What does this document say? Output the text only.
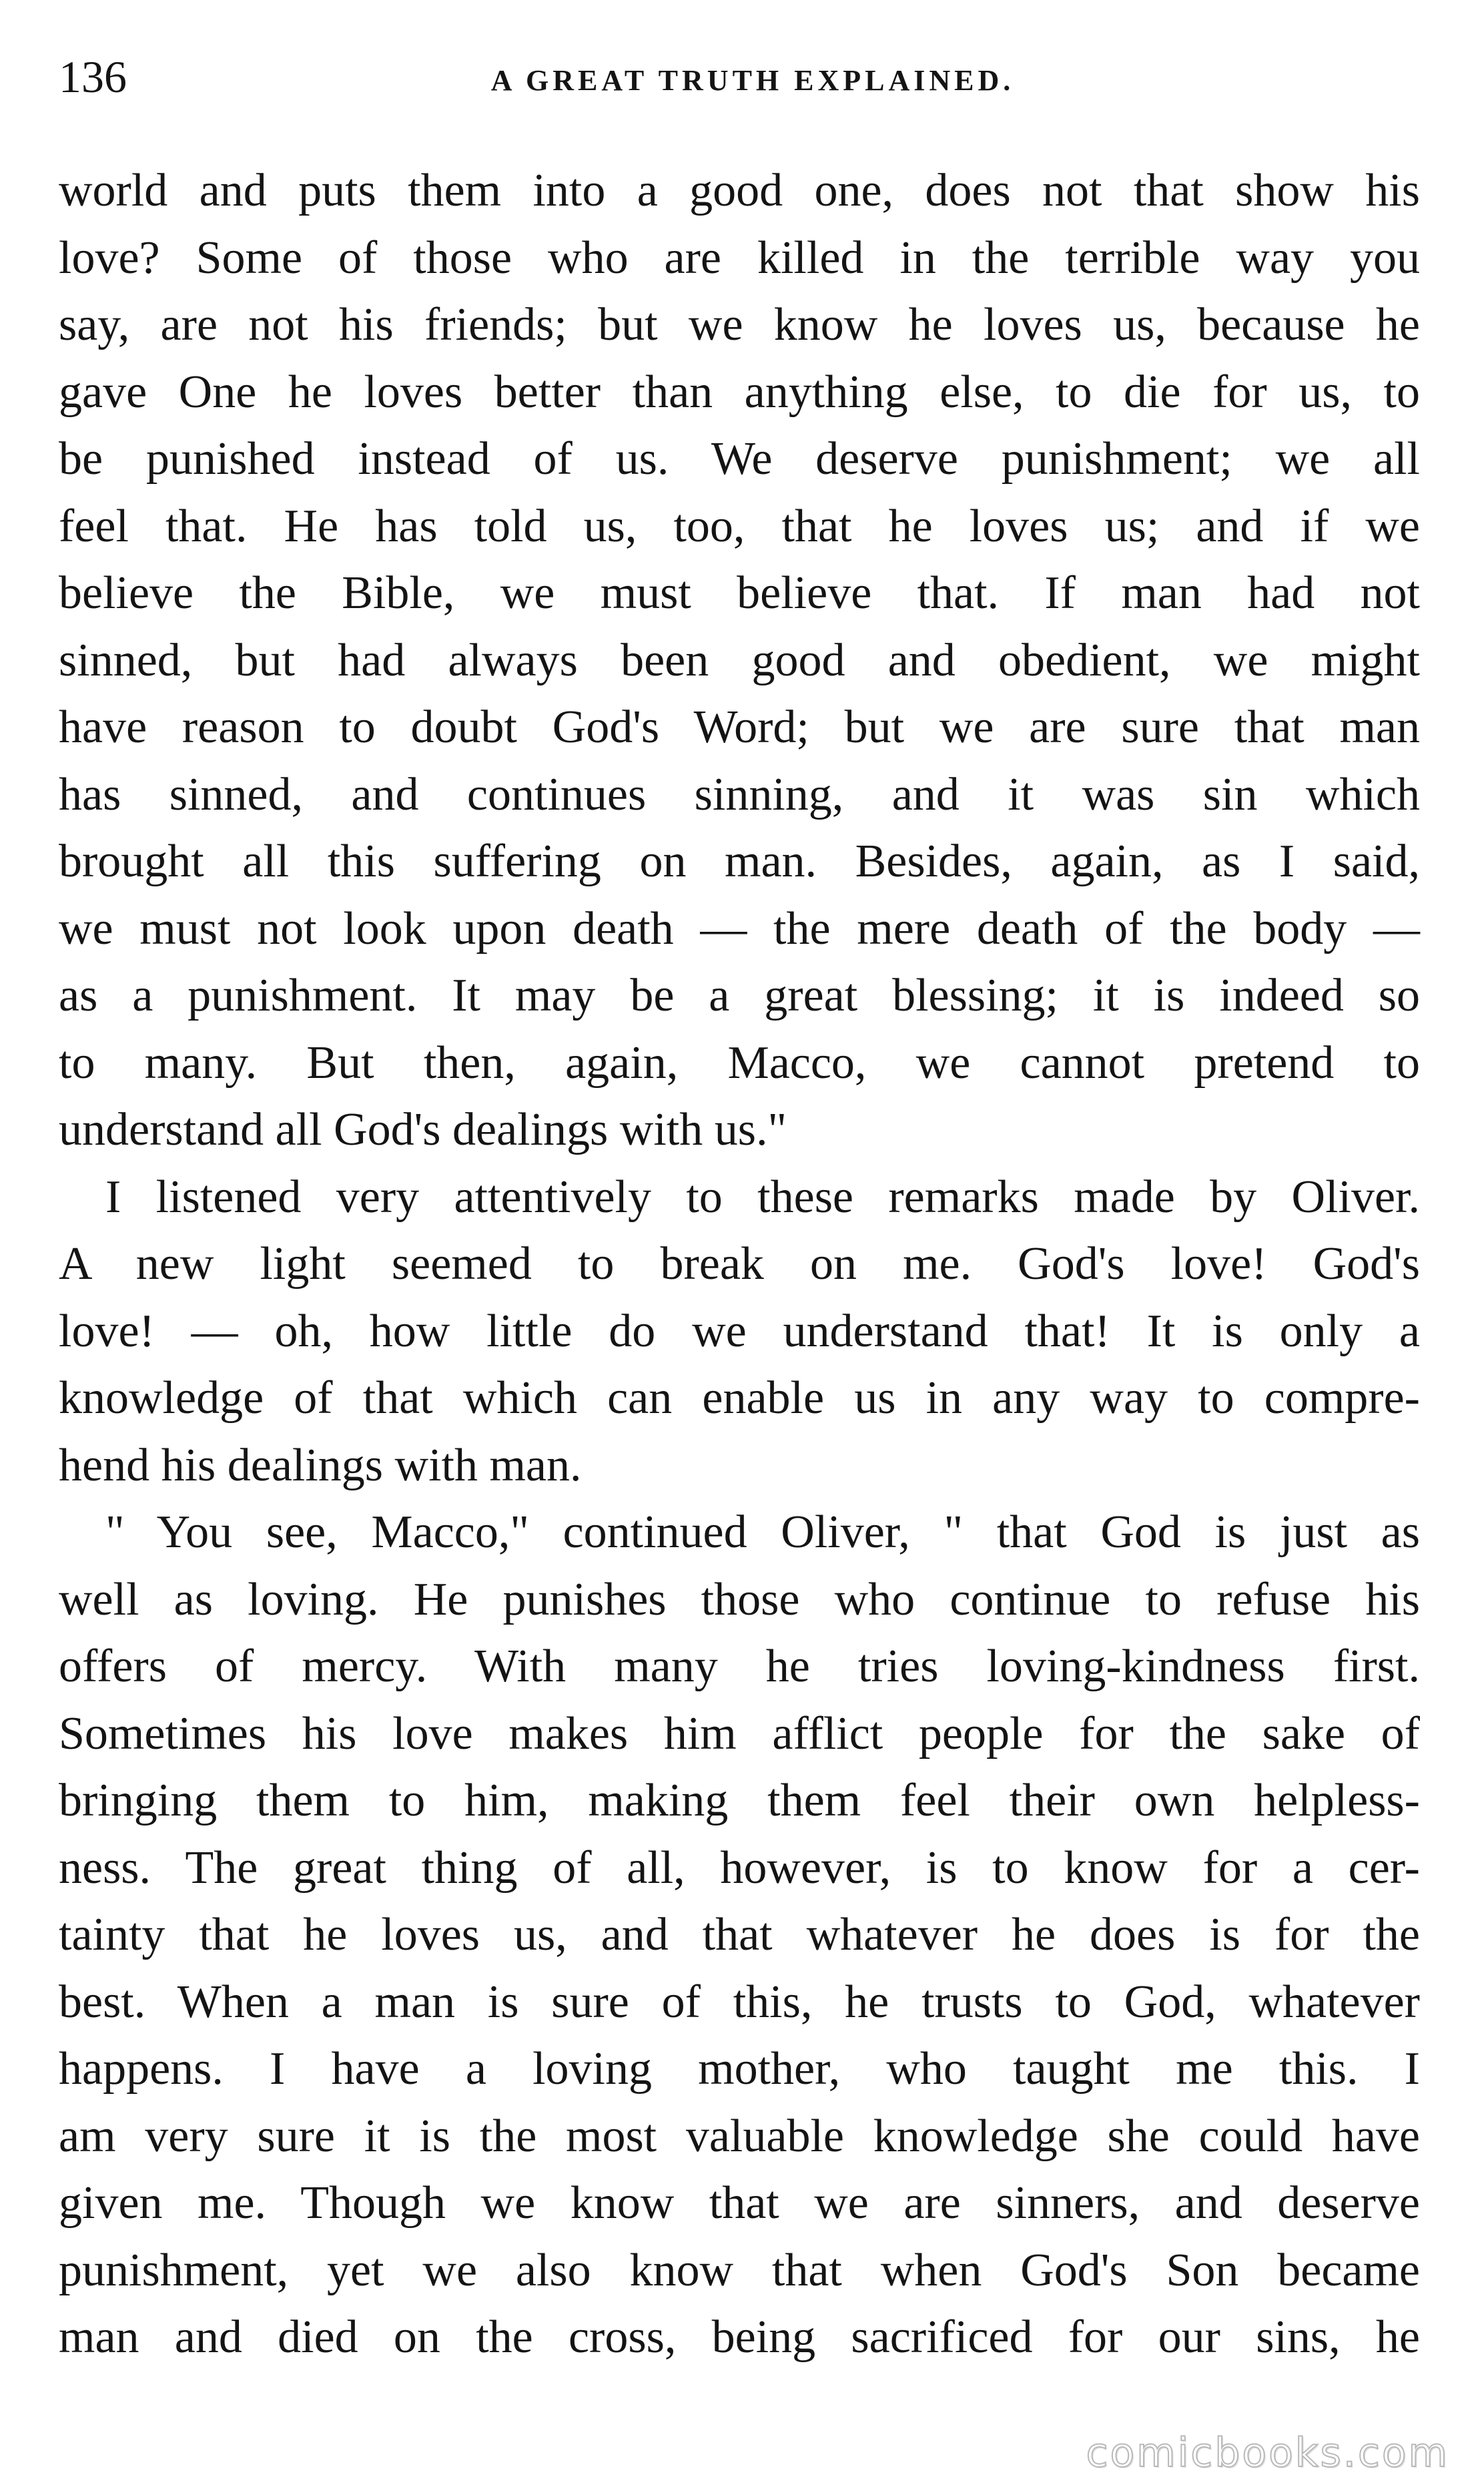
136	A GREAT TRUTH EXPLAINED.
world and puts them into a good one, does not that show his
love? Some of those who are killed in the terrible way you
say, are not his friends; but we know he loves us, because he
gave One he loves better than anything else, to die for us, to
be punished instead of us. We deserve punishment; we all
feel that. He has told us, too, that he loves us; and if we
believe the Bible, we must believe that. If man had not
sinned, but had always been good and obedient, we might
have reason to doubt God's Word; but we are sure that man
has sinned, and continues sinning, and it was sin which
brought all this suffering on man. Besides, again, as I said,
we must not look upon death — the mere death of the body —
as a punishment. It may be a great blessing; it is indeed so
to many. But then, again, Macco, we cannot pretend to
understand all God's dealings with us."
I listened very attentively to these remarks made by Oliver.
A new light seemed to break on me. God's love! God's
love! — oh, how little do we understand that! It is only a
knowledge of that which can enable us in any way to compre-
hend his dealings with man.
" You see, Macco," continued Oliver, " that God is just as
well as loving. He punishes those who continue to refuse his
offers of mercy. With many he tries loving-kindness first.
Sometimes his love makes him afflict people for the sake of
bringing them to him, making them feel their own helpless-
ness. The great thing of all, however, is to know for a cer-
tainty that he loves us, and that whatever he does is for the
best. When a man is sure of this, he trusts to God, whatever
happens. I have a loving mother, who taught me this. I
am very sure it is the most valuable knowledge she could have
given me. Though we know that we are sinners, and deserve
punishment, yet we also know that when God's Son became
man and died on the cross, being sacrificed for our sins, he
comicbooks.com
